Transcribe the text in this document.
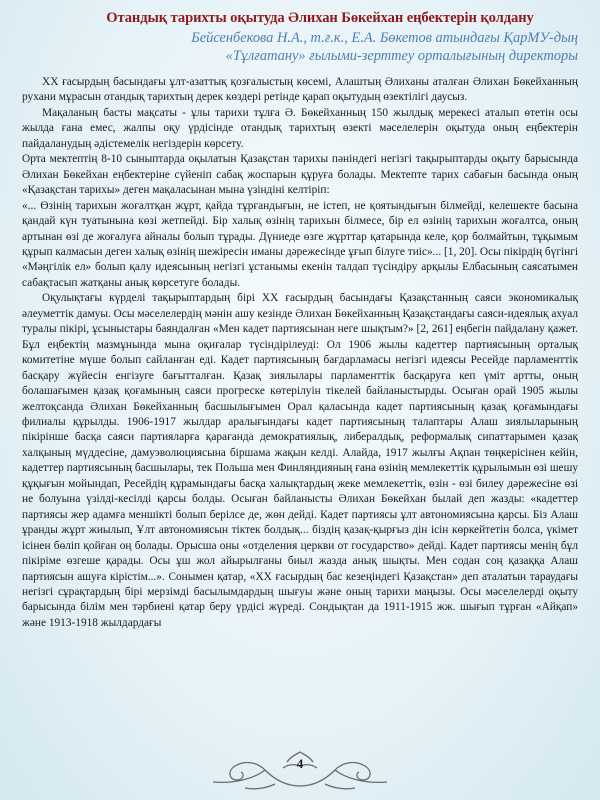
Отандық тарихты оқытуда Әлихан Бөкейхан еңбектерін қолдану
Бейсенбекова Н.А., т.ғ.к., Е.А. Бөкетов атындағы ҚарМУ-дың
«Тұлғатану» ғылыми-зерттеу орталығының директоры

ХХ ғасырдың басындағы ұлт-азаттық қозғалыстың көсемі, Алаштың Әлиханы аталған Әлихан Бөкейханның рухани мұрасын отандық тарихтың дерек көздері ретінде қарап оқытудың өзектілігі даусыз.

Мақаланың басты мақсаты - ұлы тарихи тұлға Ә. Бөкейханның 150 жылдық мерекесі аталып өтетін осы жылда ғана емес, жалпы оқу үрдісінде отандық тарихтың өзекті мәселелерін оқытуда оның еңбектерін пайдаланудың әдістемелік негіздерін көрсету.

Орта мектептің 8-10 сыныптарда оқылатын Қазақстан тарихы пәніндегі негізгі тақырыптарды оқыту барысында Әлихан Бөкейхан еңбектеріне сүйеніп сабақ жоспарын құруға болады. Мектепте тарих сабағын басында оның «Қазақстан тарихы» деген мақаласынан мына үзіндіні келтіріп:

«... Өзінің тарихын жоғалтқан жұрт, қайда тұрғандығын, не істеп, не қоятындығын білмейді, келешекте басына қандай күн туатынына көзі жетпейді. Бір халық өзінің тарихын білмесе, бір ел өзінің тарихын жоғалтса, оның артынан өзі де жоғалуға айналы болып тұрады. Дүниеде өзге жұрттар қатарында келе, қор болмайтын, тұқымым құрып калмасын деген халық өзінің шежіресін иманы дәрежесінде ұғып білуге тиіс»... [1, 20]. Осы пікірдің бүгінгі «Мәңгілік ел» болып қалу идеясының негізгі ұстанымы екенін талдап түсіндіру арқылы Елбасының саясатымен сабақтасып жатқаны анық көрсетуге болады.

Оқулықтағы күрделі тақырыптардың бірі ХХ ғасырдың басындағы Қазақстанның саяси экономикалық әлеуметтік дамуы. Осы мәселелердің мәнін ашу кезінде Әлихан Бөкейханның Қазақстандағы саяси-идеялық ахуал туралы пікірі, ұсыныстары баяндалған «Мен кадет партиясынан неге шықтым?» [2, 261] еңбегін пайдалану қажет. Бұл еңбектің мазмұнында мына оқиғалар түсіндірілеуді: Ол 1906 жылы кадеттер партиясының орталық комитетіне мүше болып сайланған еді. Кадет партиясының бағдарламасы негізгі идеясы Ресейде парламенттік басқару жүйесін енгізуге бағытталған. Қазақ зиялылары парламенттік басқаруға кеп үміт артты, оның болашағымен қазақ қоғамының саяси прогреске көтерілуін тікелей байланыстырды. Осыған орай 1905 жылы желтоқсанда Әлихан Бөкейханның басшылығымен Орал қаласында кадет партиясының қазақ қоғамындағы филиалы құрылды. 1906-1917 жылдар аралығындағы кадет партиясының талаптары Алаш зиялыларының пікірінше басқа саяси партияларға қарағанда демократиялық, либералдық, реформалық сипаттарымен қазақ халқының мүддесіне, дамуэволюциясына біршама жақын келді. Алайда, 1917 жылғы Ақпан төңкерісінен кейін, кадеттер партиясының басшылары, тек Польша мен Финляндияның ғана өзінің мемлекеттік құрылымын өзі шешу құқығын мойындап, Ресейдің құрамындағы басқа халықтардың жеке мемлекеттік, өзін - өзі билеу дәрежесіне өзі не болуына үзілді-кесілді қарсы болды. Осыған байланысты Әлихан Бөкейхан былай деп жазды: «кадеттер партиясы жер адамға меншікті болып берілсе де, жөн дейді. Кадет партиясы ұлт автономиясына қарсы. Біз Алаш ұранды жұрт жиылып, Ұлт автономиясын тіктек болдық... біздің қазақ-қырғыз дін ісін көркейтетін болса, үкімет ісінен бөліп қойған оң болады. Орысша оны «отделения церкви от государство» дейді. Кадет партиясы менің бұл пікіріме өзгеше қарады. Осы ұш жол айырылғаны биыл жазда анық шықты. Мен содан соң қазаққа Алаш партиясын ашуға кірістім...». Сонымен қатар, «ХХ ғасырдың бас кезеңіндегі Қазақстан» деп аталатын тараудағы негізгі сұрақтардың бірі мерзімді басылымдардың шығуы және оның тарихи маңызы. Осы мәселелерді оқыту барысында білім мен тәрбиені қатар беру үрдісі жүреді. Сондықтан да 1911-1915 жж. шығып тұрған «Айқап» және 1913-1918 жылдардағы

4
